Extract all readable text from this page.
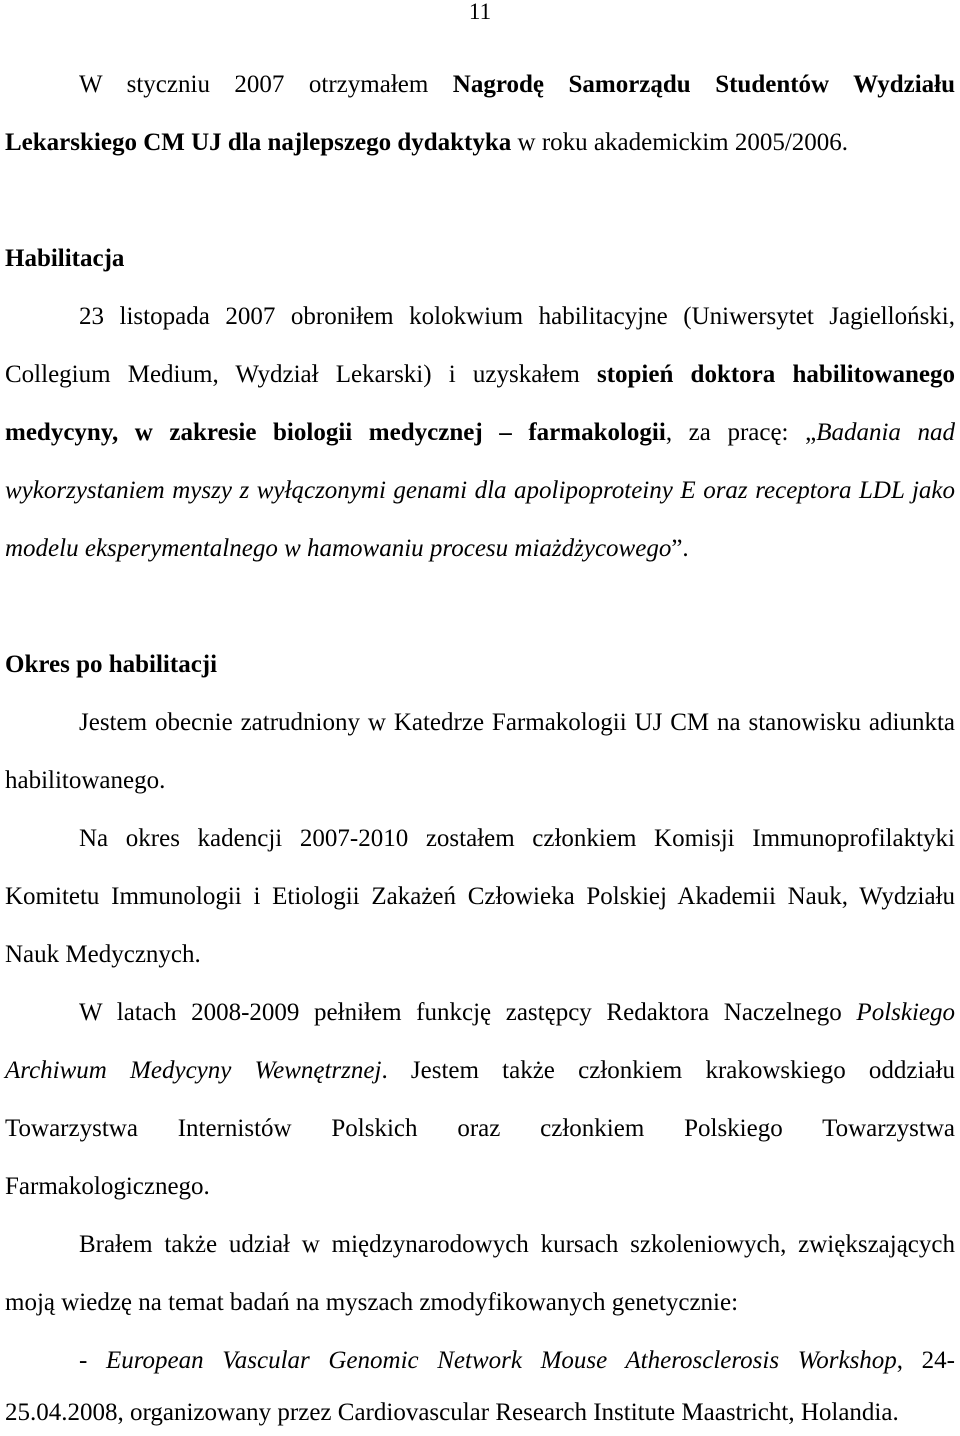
11
W styczniu 2007 otrzymałem Nagrodę Samorządu Studentów Wydziału
Lekarskiego CM UJ dla najlepszego dydaktyka w roku akademickim 2005/2006.
Habilitacja
23 listopada 2007 obroniłem kolokwium habilitacyjne (Uniwersytet Jagielloński,
Collegium Medium, Wydział Lekarski) i uzyskałem stopień doktora habilitowanego
medycyny, w zakresie biologii medycznej – farmakologii, za pracę: „Badania nad
wykorzystaniem myszy z wyłączonymi genami dla apolipoproteiny E oraz receptora LDL jako
modelu eksperymentalnego w hamowaniu procesu miażdżycowego”.
Okres po habilitacji
Jestem obecnie zatrudniony w Katedrze Farmakologii UJ CM na stanowisku adiunkta
habilitowanego.
Na okres kadencji 2007-2010 zostałem członkiem Komisji Immunoprofilaktyki
Komitetu Immunologii i Etiologii Zakażeń Człowieka Polskiej Akademii Nauk, Wydziału
Nauk Medycznych.
W latach 2008-2009 pełniłem funkcję zastępcy Redaktora Naczelnego Polskiego
Archiwum Medycyny Wewnętrznej. Jestem także członkiem krakowskiego oddziału
Towarzystwa Internistów Polskich oraz członkiem Polskiego Towarzystwa
Farmakologicznego.
Brałem także udział w międzynarodowych kursach szkoleniowych, zwiększających
moją wiedzę na temat badań na myszach zmodyfikowanych genetycznie:
- European Vascular Genomic Network Mouse Atherosclerosis Workshop, 24-
25.04.2008, organizowany przez Cardiovascular Research Institute Maastricht, Holandia.
